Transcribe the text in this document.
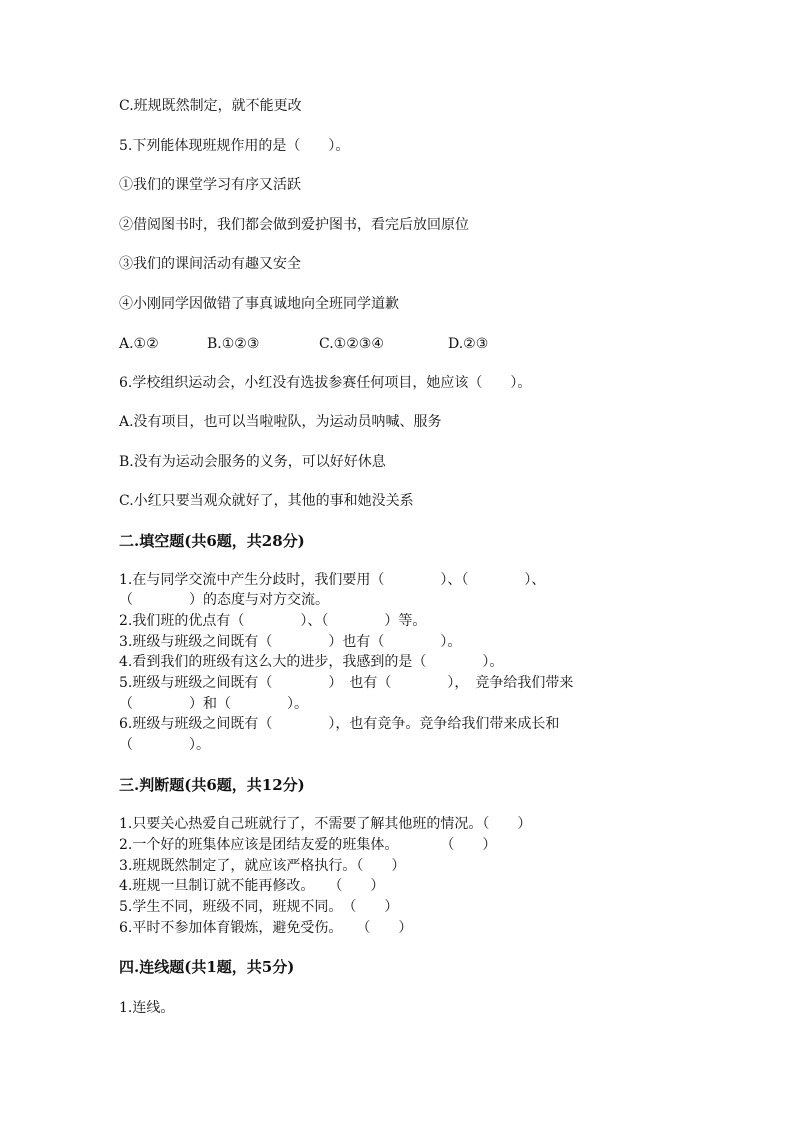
C.班规既然制定，就不能更改
5.下列能体现班规作用的是（　　）。
①我们的课堂学习有序又活跃
②借阅图书时，我们都会做到爱护图书，看完后放回原位
③我们的课间活动有趣又安全
④小刚同学因做错了事真诚地向全班同学道歉
A.①②	B.①②③	C.①②③④	D.②③
6.学校组织运动会，小红没有选拔参赛任何项目，她应该（　　）。
A.没有项目，也可以当啦啦队，为运动员呐喊、服务
B.没有为运动会服务的义务，可以好好休息
C.小红只要当观众就好了，其他的事和她没关系
二.填空题(共6题，共28分)
1.在与同学交流中产生分歧时，我们要用（　　　　）、（　　　　）、
（　　　　）的态度与对方交流。
2.我们班的优点有（　　　　）、（　　　　）等。
3.班级与班级之间既有（　　　　）也有（　　　　）。
4.看到我们的班级有这么大的进步，我感到的是（　　　　）。
5.班级与班级之间既有（　　　　）　也有（　　　　），　竞争给我们带来
（　　　　）和（　　　　）。
6.班级与班级之间既有（　　　　），也有竞争。竞争给我们带来成长和
（　　　　）。
三.判断题(共6题，共12分)
1.只要关心热爱自己班就行了，不需要了解其他班的情况。（　　）
2.一个好的班集体应该是团结友爱的班集体。　　　　（　　）
3.班规既然制定了，就应该严格执行。（　　）
4.班规一旦制订就不能再修改。　　（　　）
5.学生不同，班级不同，班规不同。　（　　）
6.平时不参加体育锻炼，避免受伤。　　（　　）
四.连线题(共1题，共5分)
1.连线。
